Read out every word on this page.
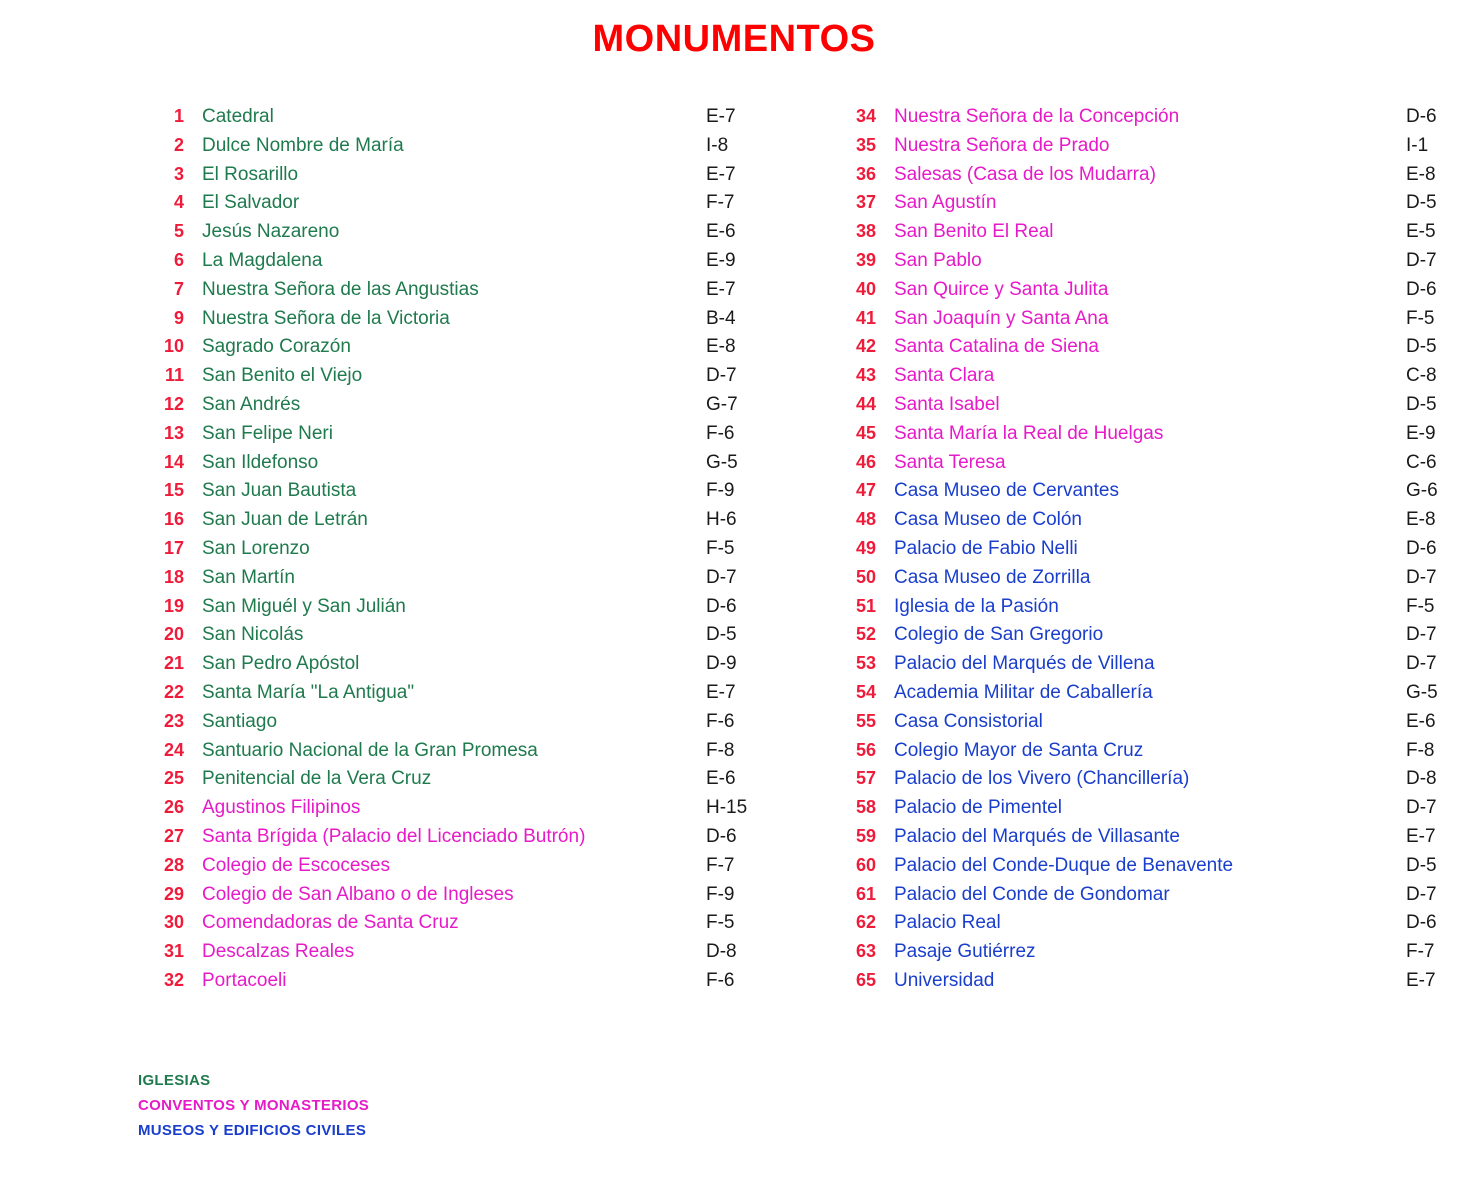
MONUMENTOS
1 Catedral	E-7
2 Dulce Nombre de María	I-8
3 El Rosarillo	E-7
4 El Salvador	F-7
5 Jesús Nazareno	E-6
6 La Magdalena	E-9
7 Nuestra Señora de las Angustias	E-7
9 Nuestra Señora de la Victoria	B-4
10 Sagrado Corazón	E-8
11 San Benito el Viejo	D-7
12 San Andrés	G-7
13 San Felipe Neri	F-6
14 San Ildefonso	G-5
15 San Juan Bautista	F-9
16 San Juan de Letrán	H-6
17 San Lorenzo	F-5
18 San Martín	D-7
19 San Miguél y San Julián	D-6
20 San Nicolás	D-5
21 San Pedro Apóstol	D-9
22 Santa María "La Antigua"	E-7
23 Santiago	F-6
24 Santuario Nacional de la Gran Promesa	F-8
25 Penitencial de la Vera Cruz	E-6
26 Agustinos Filipinos	H-15
27 Santa Brígida (Palacio del Licenciado Butrón)	D-6
28 Colegio de Escoceses	F-7
29 Colegio de San Albano o de Ingleses	F-9
30 Comendadoras de Santa Cruz	F-5
31 Descalzas Reales	D-8
32 Portacoeli	F-6
34 Nuestra Señora de la Concepción	D-6
35 Nuestra Señora de Prado	I-1
36 Salesas (Casa de los Mudarra)	E-8
37 San Agustín	D-5
38 San Benito El Real	E-5
39 San Pablo	D-7
40 San Quirce y Santa Julita	D-6
41 San Joaquín y Santa Ana	F-5
42 Santa Catalina de Siena	D-5
43 Santa Clara	C-8
44 Santa Isabel	D-5
45 Santa María la Real de Huelgas	E-9
46 Santa Teresa	C-6
47 Casa Museo de Cervantes	G-6
48 Casa Museo de Colón	E-8
49 Palacio de Fabio Nelli	D-6
50 Casa Museo de Zorrilla	D-7
51 Iglesia de la Pasión	F-5
52 Colegio de San Gregorio	D-7
53 Palacio del Marqués de Villena	D-7
54 Academia Militar de Caballería	G-5
55 Casa Consistorial	E-6
56 Colegio Mayor de Santa Cruz	F-8
57 Palacio de los Vivero (Chancillería)	D-8
58 Palacio de Pimentel	D-7
59 Palacio del Marqués de Villasante	E-7
60 Palacio del Conde-Duque de Benavente	D-5
61 Palacio del Conde de Gondomar	D-7
62 Palacio Real	D-6
63 Pasaje Gutiérrez	F-7
65 Universidad	E-7
IGLESIAS
CONVENTOS Y MONASTERIOS
MUSEOS Y EDIFICIOS CIVILES
